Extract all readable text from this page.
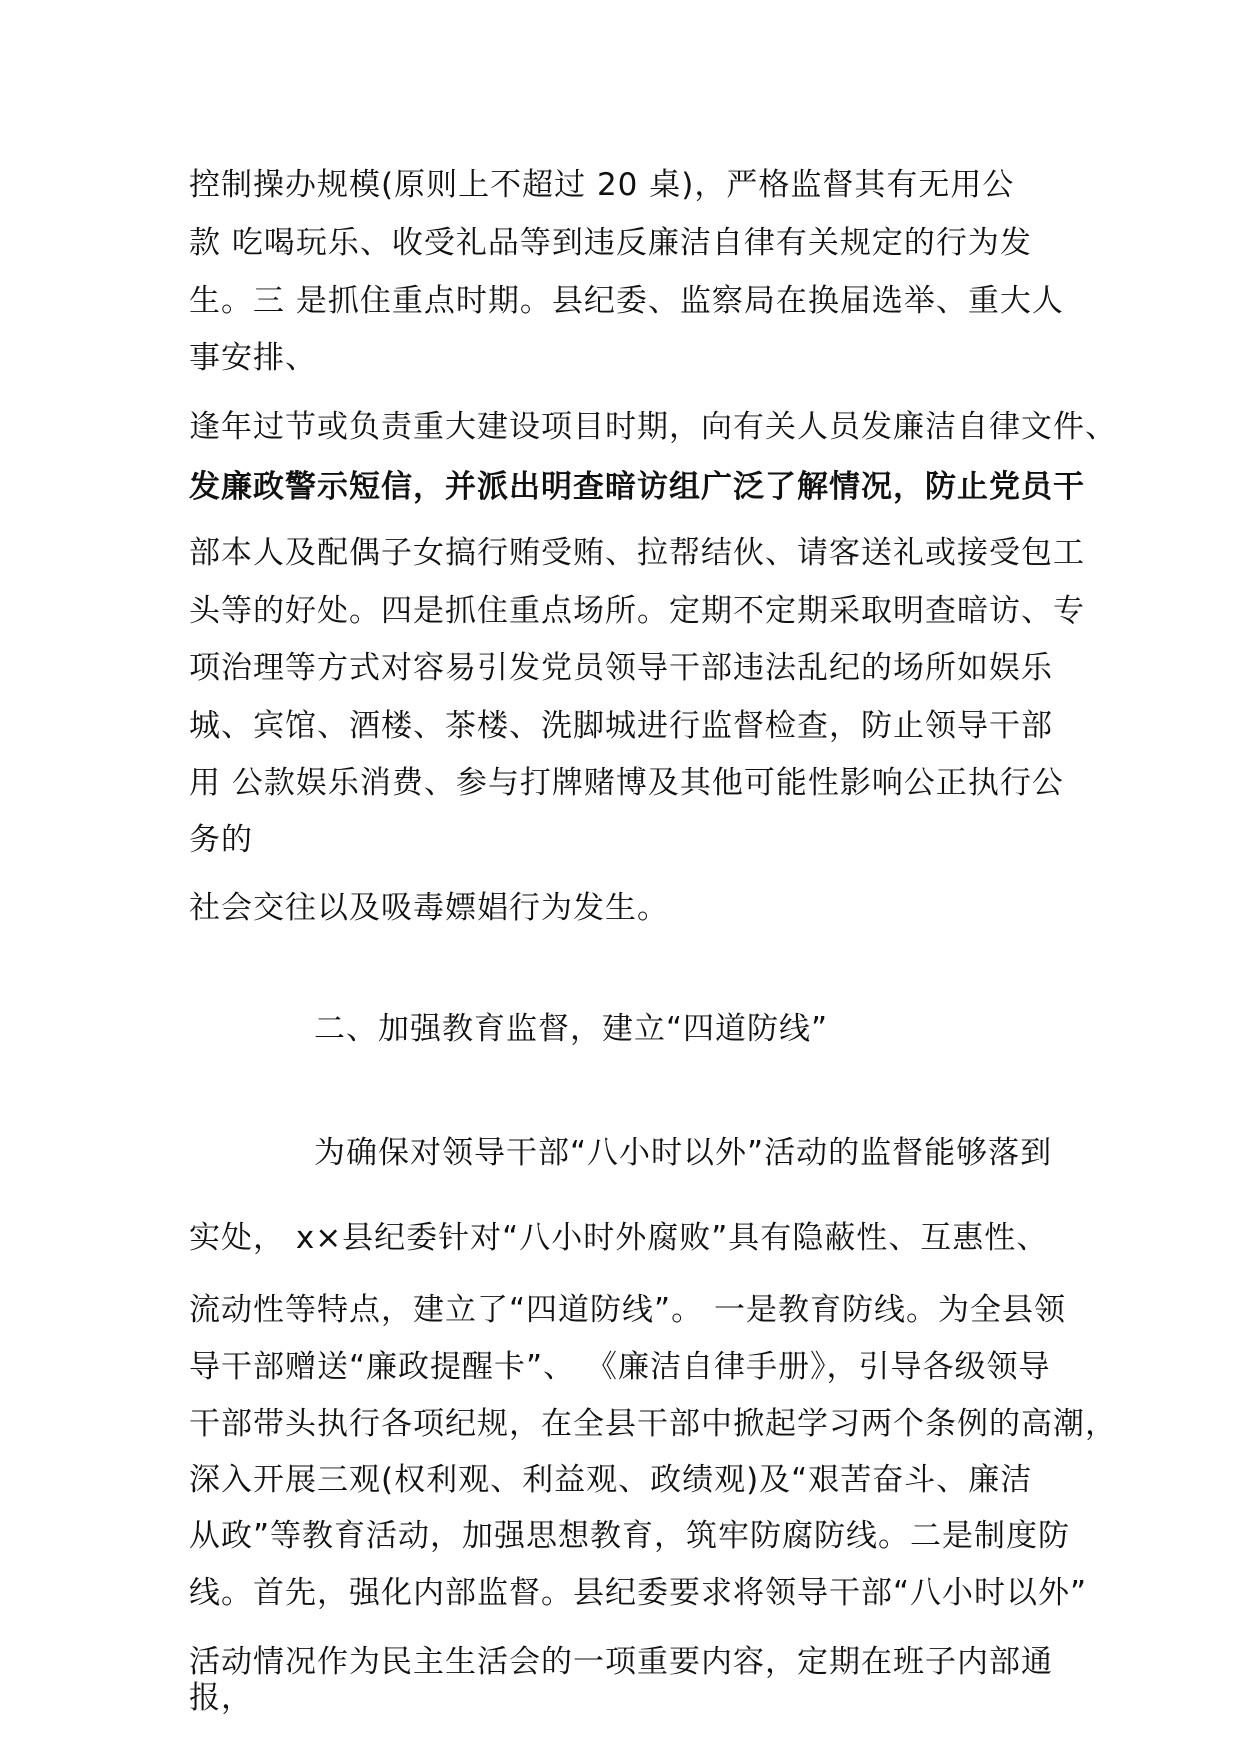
控制操办规模(原则上不超过 20 桌)，严格监督其有无用公
款 吃喝玩乐、收受礼品等到违反廉洁自律有关规定的行为发
生。三 是抓住重点时期。县纪委、监察局在换届选举、重大人
事安排、
逢年过节或负责重大建设项目时期，向有关人员发廉洁自律文件、
发廉政警示短信，并派出明查暗访组广泛了解情况，防止党员干
部本人及配偶子女搞行贿受贿、拉帮结伙、请客送礼或接受包工
头等的好处。四是抓住重点场所。定期不定期采取明查暗访、专
项治理等方式对容易引发党员领导干部违法乱纪的场所如娱乐
城、宾馆、酒楼、茶楼、洗脚城进行监督检查，防止领导干部
用 公款娱乐消费、参与打牌赌博及其他可能性影响公正执行公
务的
社会交往以及吸毒嫖娼行为发生。
二、加强教育监督，建立“四道防线”
为确保对领导干部“八小时以外”活动的监督能够落到
实处， x×县纪委针对“八小时外腐败”具有隐蔽性、互惠性、
流动性等特点，建立了“四道防线”。 一是教育防线。为全县领
导干部赠送“廉政提醒卡”、 《廉洁自律手册》，引导各级领导
干部带头执行各项纪规，在全县干部中掀起学习两个条例的高潮，
深入开展三观(权利观、利益观、政绩观)及“艰苦奋斗、廉洁
从政”等教育活动，加强思想教育，筑牢防腐防线。二是制度防
线。首先，强化内部监督。县纪委要求将领导干部“八小时以外”
活动情况作为民主生活会的一项重要内容，定期在班子内部通
报，
